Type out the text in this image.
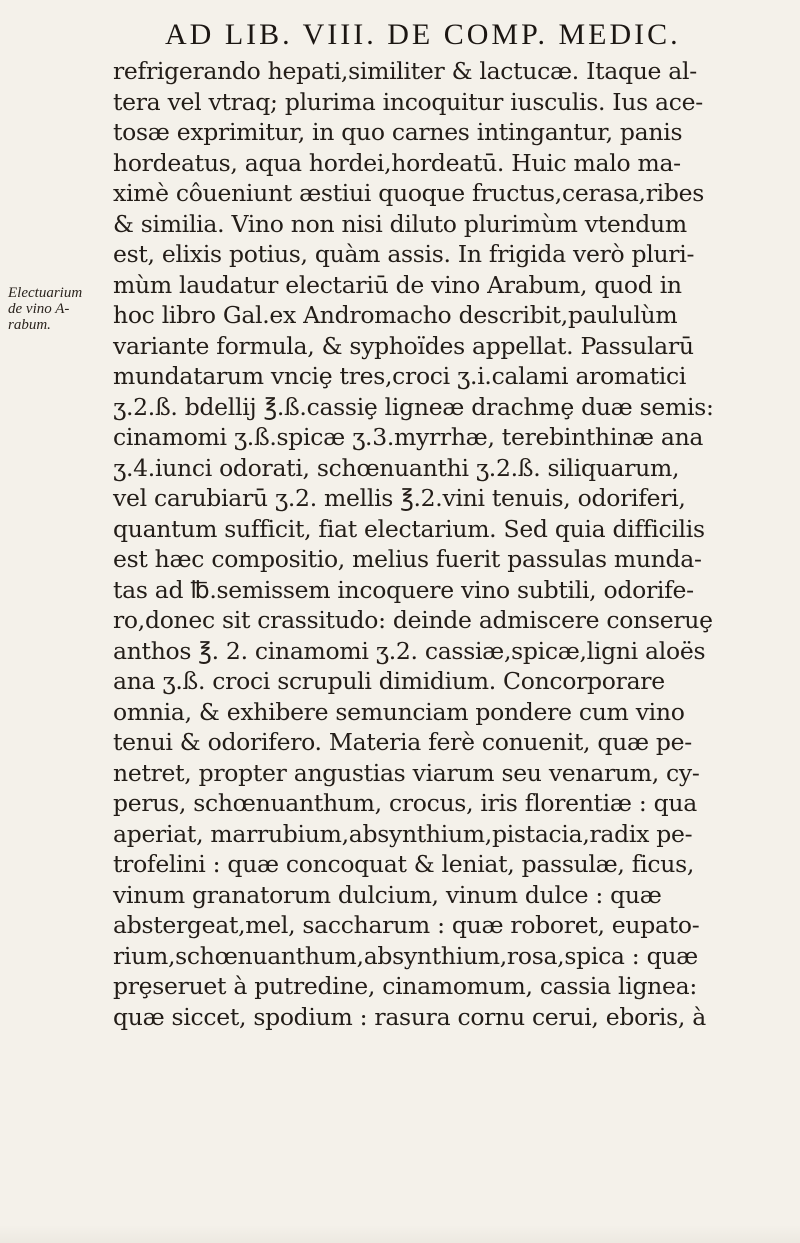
AD LIB. VIII. DE COMP. MEDIC.
Electuarium
de vino A-
rabum.
refrigerando hepati,similiter & lactucæ. Itaque al-
tera vel vtraq; plurima incoquitur iusculis. Ius ace-
tosæ exprimitur, in quo carnes intingantur, panis
hordeatus, aqua hordei,hordeatū. Huic malo ma-
ximè côueniunt æstiui quoque fructus,cerasa,ribes
& similia. Vino non nisi diluto plurimùm vtendum
est, elixis potius, quàm assis. In frigida verò pluri-
mùm laudatur electariū de vino Arabum, quod in
hoc libro Gal.ex Andromacho describit,paululùm
variante formula, & syphoïdes appellat. Passularū
mundatarum vnciȩ tres,croci ʒ.i.calami aromatici
ʒ.2.ß. bdellij ℥.ß.cassiȩ ligneæ drachmȩ duæ semis:
cinamomi ʒ.ß.spicæ ʒ.3.myrrhæ, terebinthinæ ana
ʒ.4.iunci odorati, schœnuanthi ʒ.2.ß. siliquarum,
vel carubiarū ʒ.2. mellis ℥.2.vini tenuis, odoriferi,
quantum sufficit, fiat electarium. Sed quia difficilis
est hæc compositio, melius fuerit passulas munda-
tas ad ℔.semissem incoquere vino subtili, odorife-
ro,donec sit crassitudo: deinde admiscere conseruȩ
anthos ℥. 2. cinamomi ʒ.2. cassiæ,spicæ,ligni aloës
ana ʒ.ß. croci scrupuli dimidium. Concorporare
omnia, & exhibere semunciam pondere cum vino
tenui & odorifero. Materia ferè conuenit, quæ pe-
netret, propter angustias viarum seu venarum, cy-
perus, schœnuanthum, crocus, iris florentiæ : qua
aperiat, marrubium,absynthium,pistacia,radix pe-
trofelini : quæ concoquat & leniat, passulæ, ficus,
vinum granatorum dulcium, vinum dulce : quæ
abstergeat,mel, saccharum : quæ roboret, eupato-
rium,schœnuanthum,absynthium,rosa,spica : quæ
prȩseruet à putredine, cinamomum, cassia lignea:
quæ siccet, spodium : rasura cornu cerui, eboris, à
